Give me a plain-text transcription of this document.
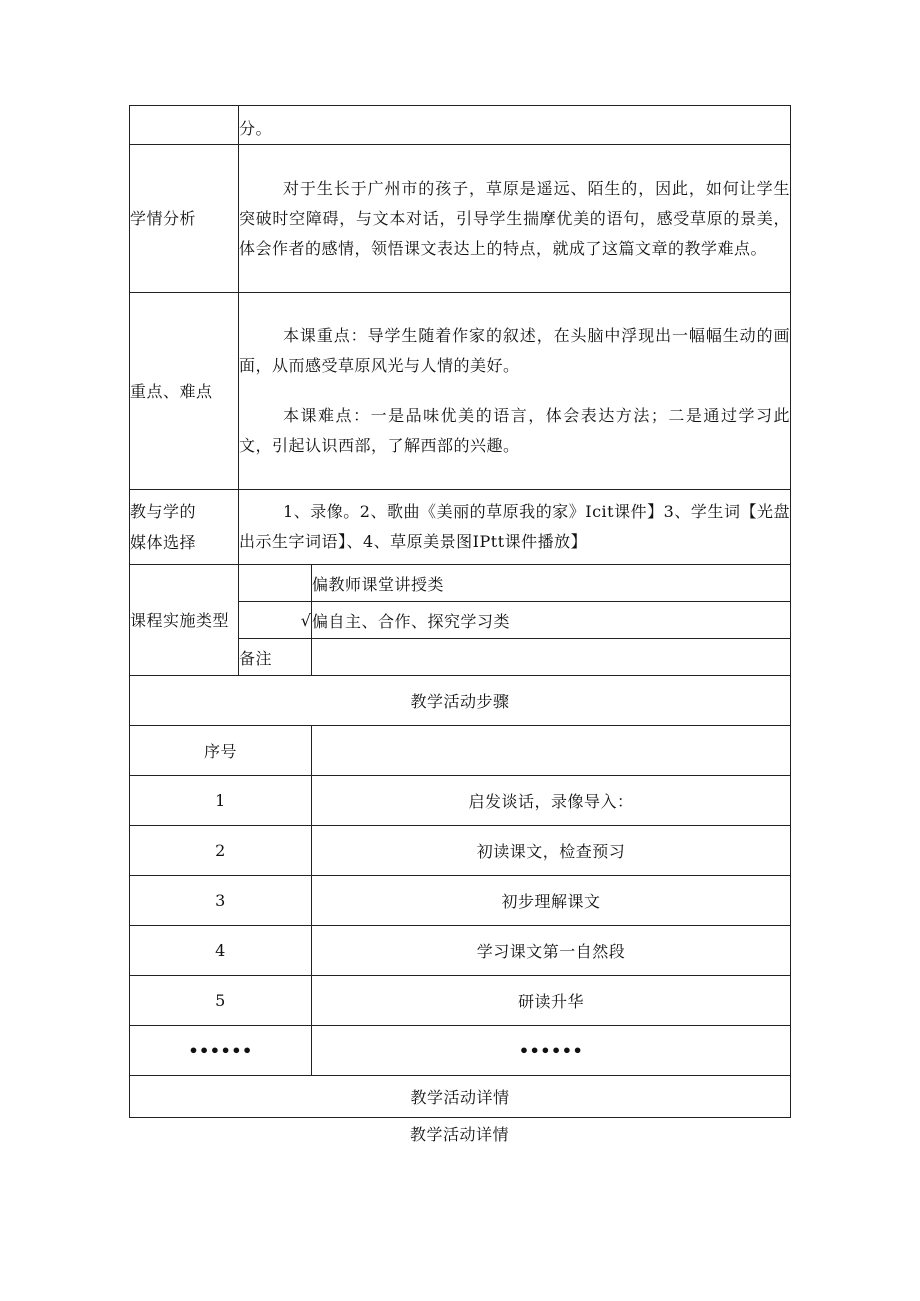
	分。	
学情分析	对于生长于广州市的孩子，草原是遥远、陌生的，因此，如何让学生突破时空障碍，与文本对话，引导学生揣摩优美的语句，感受草原的景美，体会作者的感情，领悟课文表达上的特点，就成了这篇文章的教学难点。	

重点、难点	本课重点：导学生随着作家的叙述，在头脑中浮现出一幅幅生动的画面，从而感受草原风光与人情的美好。

本课难点：一是品味优美的语言，体会表达方法；二是通过学习此文，引起认识西部，了解西部的兴趣。	

教与学的
媒体选择	1、录像。2、歌曲《美丽的草原我的家》Icit课件】3、学生词【光盘出示生字词语】、4、草原美景图IPtt课件播放】	

课程实施类型		偏教师课堂讲授类
	√	偏自主、合作、探究学习类
	备注	
教学活动步骤		
序号		
1		启发谈话，录像导入：
2		初读课文，检查预习
3		初步理解课文
4		学习课文第一自然段
5		研读升华
••••••		••••••
教学活动详情		
教学活动详情
